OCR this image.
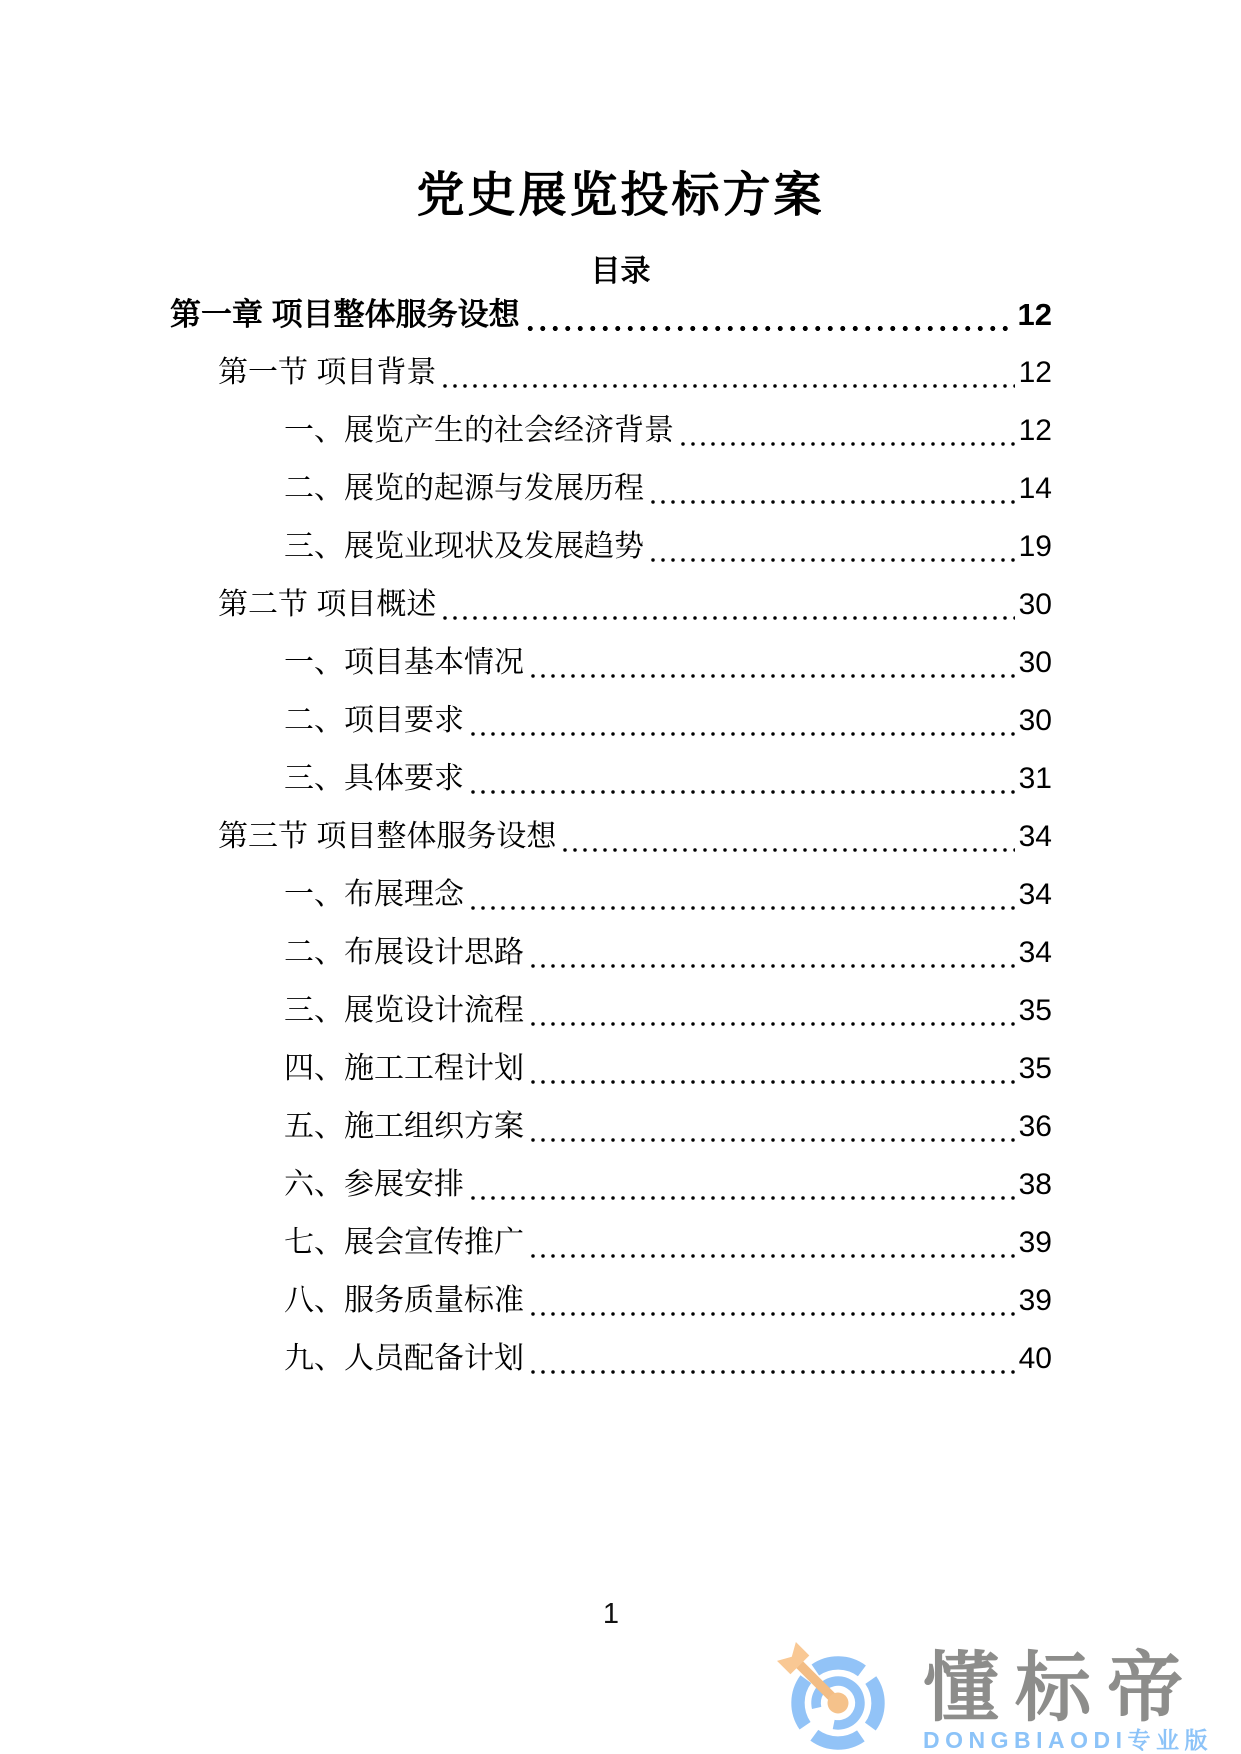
党史展览投标方案
目录
第一章 项目整体服务设想	12
第一节 项目背景	12
一、展览产生的社会经济背景	12
二、展览的起源与发展历程	14
三、展览业现状及发展趋势	19
第二节 项目概述	30
一、项目基本情况	30
二、项目要求	30
三、具体要求	31
第三节 项目整体服务设想	34
一、布展理念	34
二、布展设计思路	34
三、展览设计流程	35
四、施工工程计划	35
五、施工组织方案	36
六、参展安排	38
七、展会宣传推广	39
八、服务质量标准	39
九、人员配备计划	40
1
懂标帝
DONGBIAODI专业版
